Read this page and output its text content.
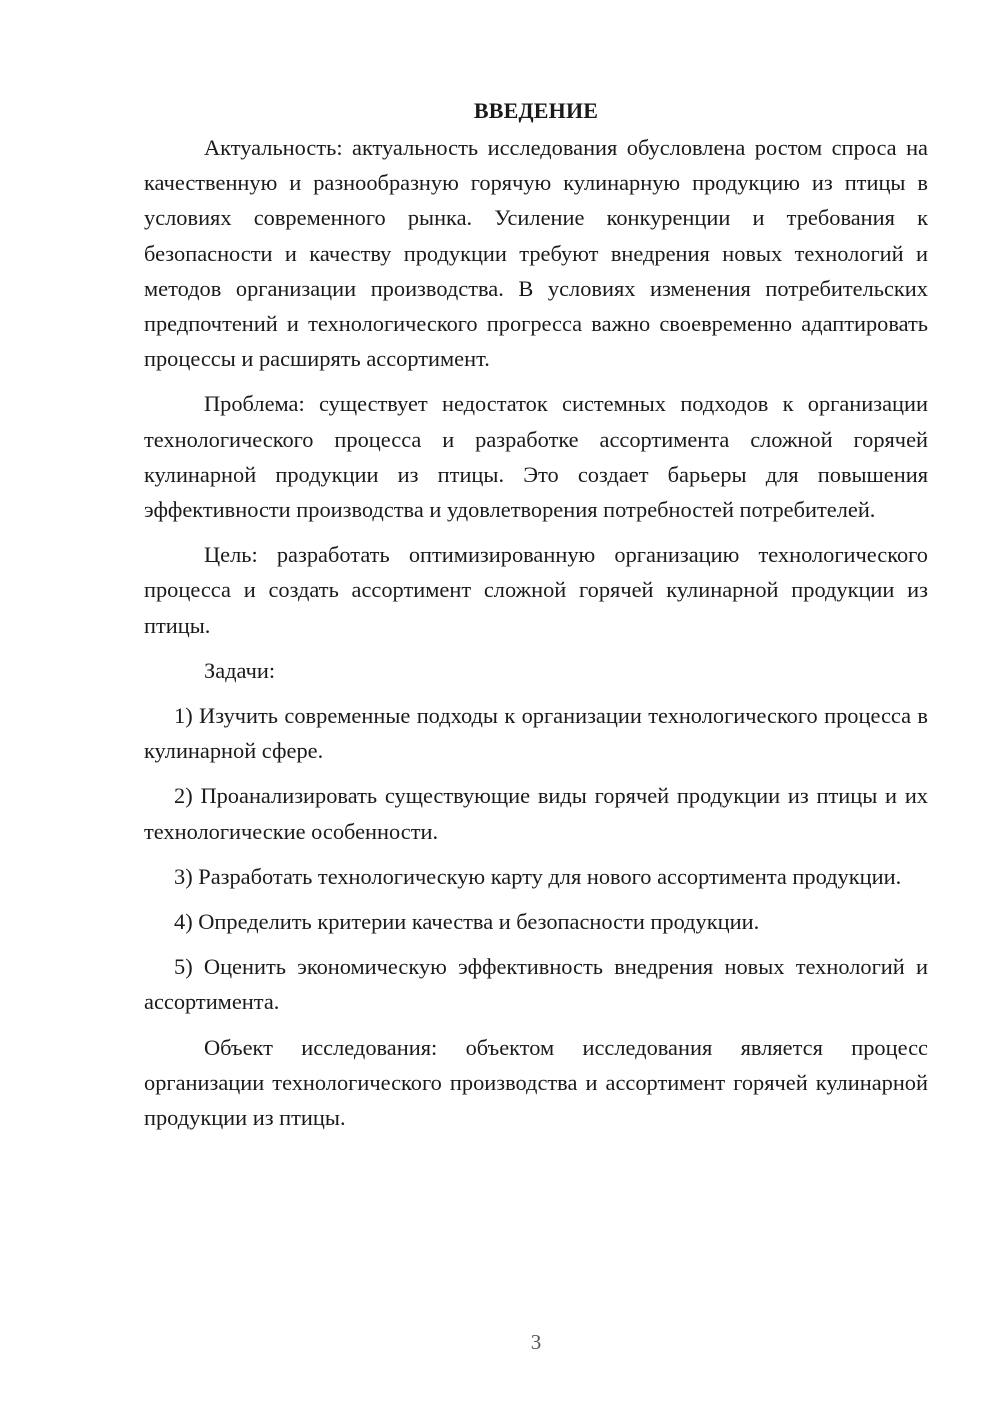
ВВЕДЕНИЕ

Актуальность: актуальность исследования обусловлена ростом спроса на качественную и разнообразную горячую кулинарную продукцию из птицы в условиях современного рынка. Усиление конкуренции и требования к безопасности и качеству продукции требуют внедрения новых технологий и методов организации производства. В условиях изменения потребительских предпочтений и технологического прогресса важно своевременно адаптировать процессы и расширять ассортимент.

Проблема: существует недостаток системных подходов к организации технологического процесса и разработке ассортимента сложной горячей кулинарной продукции из птицы. Это создает барьеры для повышения эффективности производства и удовлетворения потребностей потребителей.

Цель: разработать оптимизированную организацию технологического процесса и создать ассортимент сложной горячей кулинарной продукции из птицы.

Задачи:

1) Изучить современные подходы к организации технологического процесса в кулинарной сфере.

2) Проанализировать существующие виды горячей продукции из птицы и их технологические особенности.

3) Разработать технологическую карту для нового ассортимента продукции.

4) Определить критерии качества и безопасности продукции.

5) Оценить экономическую эффективность внедрения новых технологий и ассортимента.

Объект исследования: объектом исследования является процесс организации технологического производства и ассортимент горячей кулинарной продукции из птицы.

3
